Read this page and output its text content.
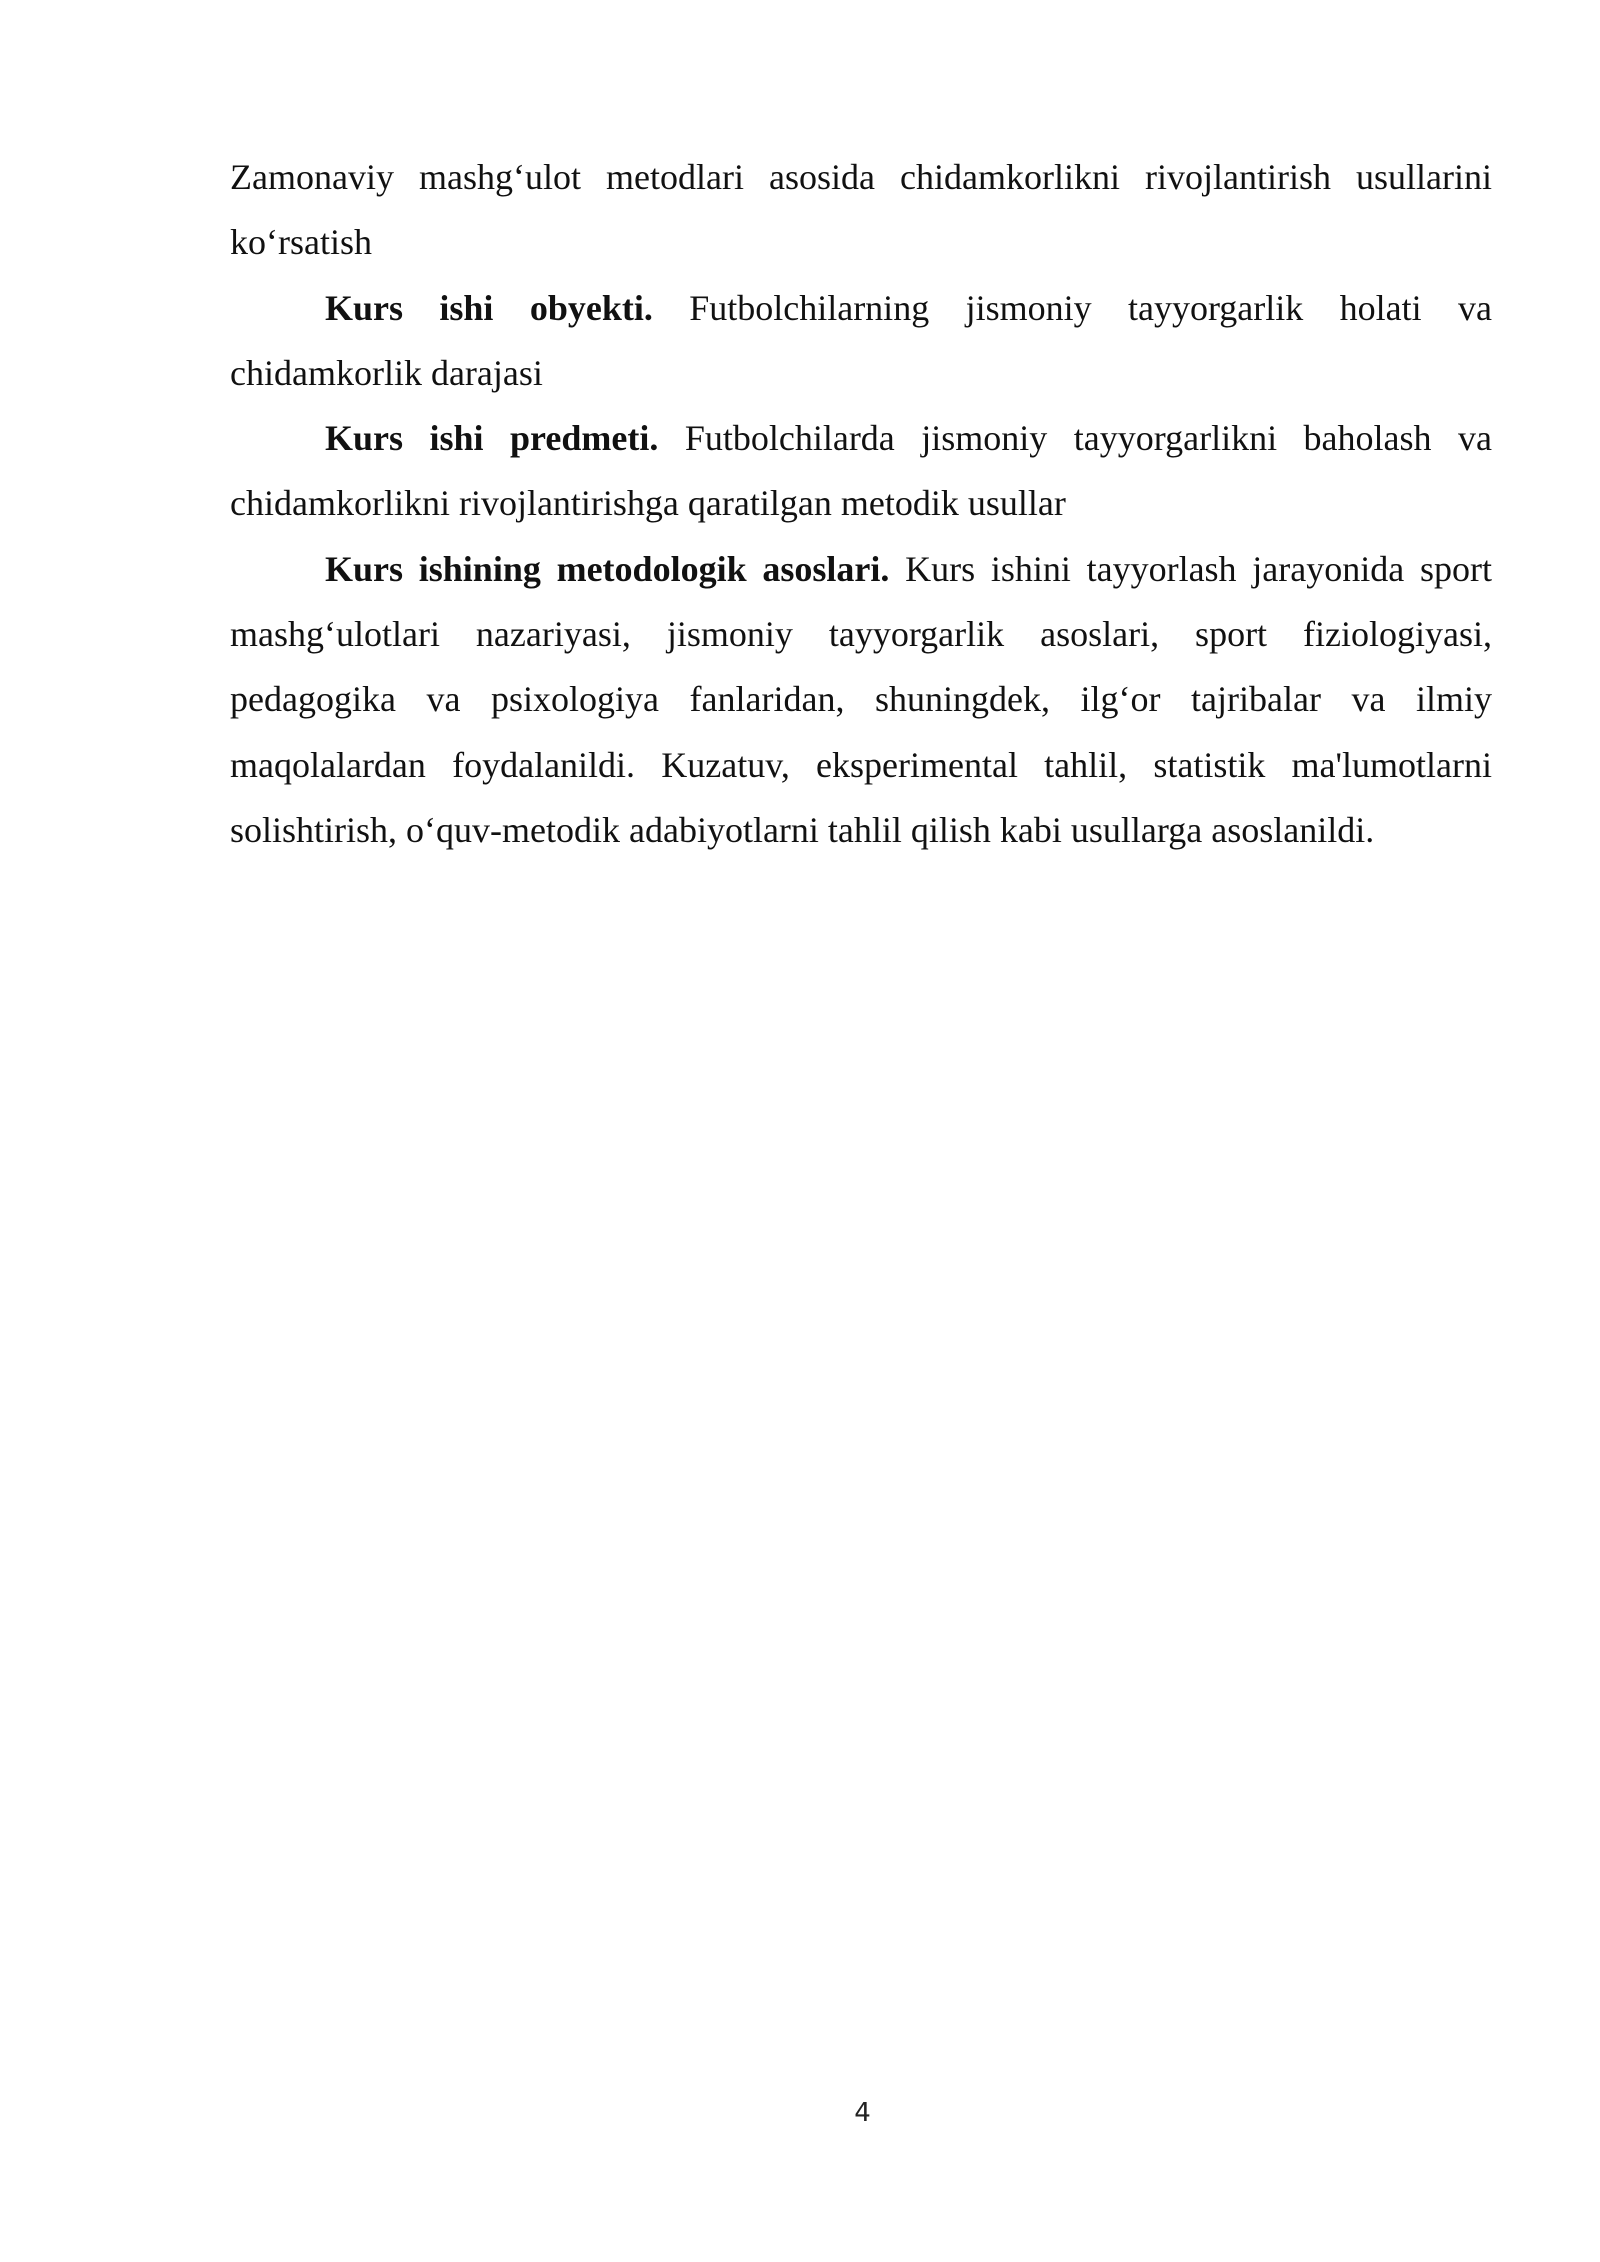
Zamonaviy mashg‘ulot metodlari asosida chidamkorlikni rivojlantirish usullarini ko‘rsatish

Kurs ishi obyekti. Futbolchilarning jismoniy tayyorgarlik holati va chidamkorlik darajasi

Kurs ishi predmeti. Futbolchilarda jismoniy tayyorgarlikni baholash va chidamkorlikni rivojlantirishga qaratilgan metodik usullar

Kurs ishining metodologik asoslari. Kurs ishini tayyorlash jarayonida sport mashg‘ulotlari nazariyasi, jismoniy tayyorgarlik asoslari, sport fiziologiyasi, pedagogika va psixologiya fanlaridan, shuningdek, ilg‘or tajribalar va ilmiy maqolalardan foydalanildi. Kuzatuv, eksperimental tahlil, statistik ma'lumotlarni solishtirish, o‘quv-metodik adabiyotlarni tahlil qilish kabi usullarga asoslanildi.

4
